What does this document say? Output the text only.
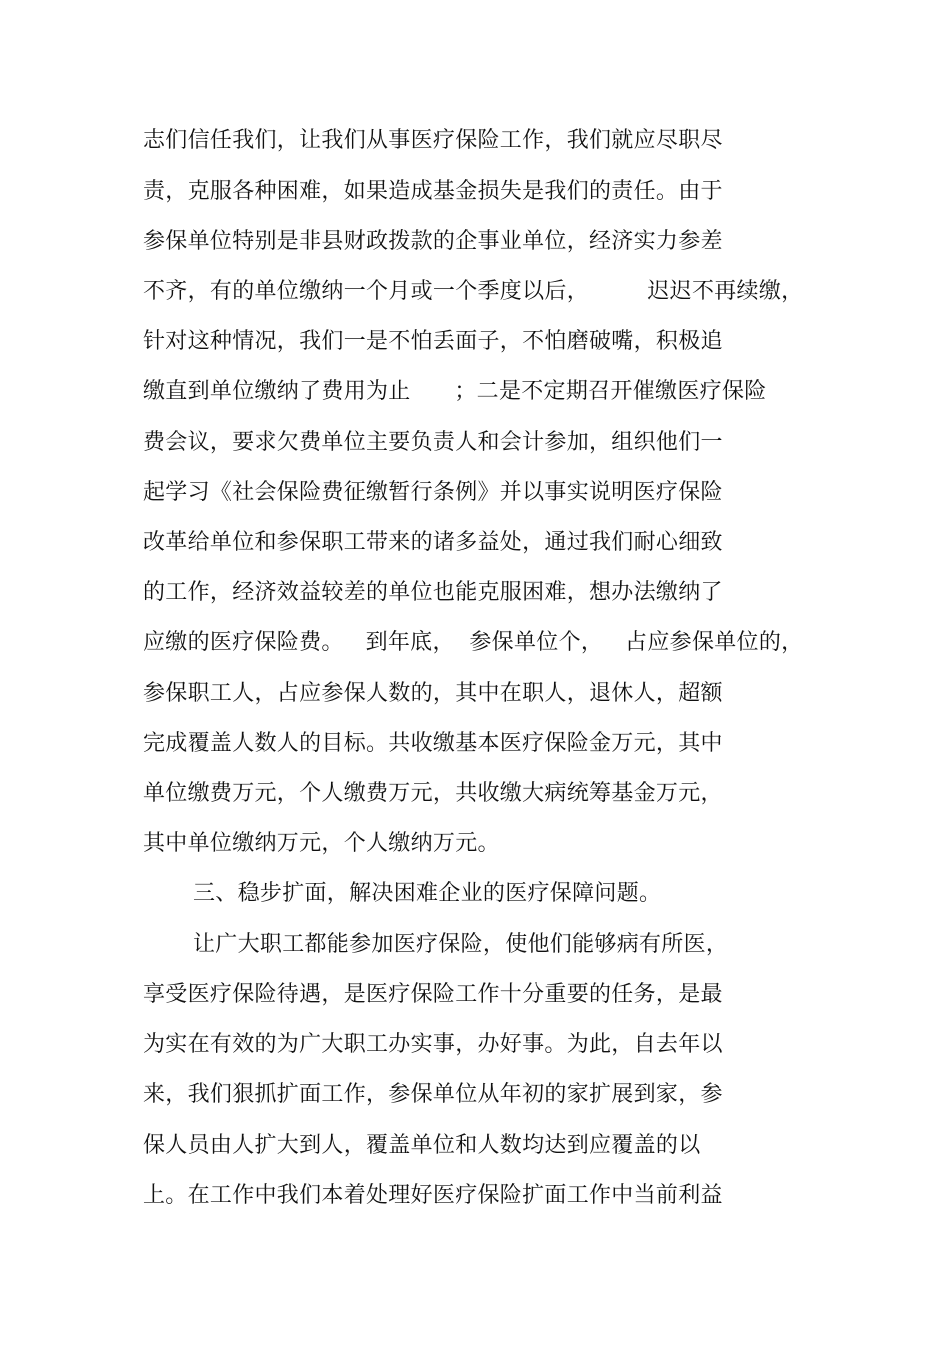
志们信任我们，让我们从事医疗保险工作，我们就应尽职尽
责，克服各种困难，如果造成基金损失是我们的责任。由于
参保单位特别是非县财政拨款的企事业单位，经济实力参差
不齐，有的单位缴纳一个月或一个季度以后，        迟迟不再续缴，
针对这种情况，我们一是不怕丢面子，不怕磨破嘴，积极追
缴直到单位缴纳了费用为止      ；二是不定期召开催缴医疗保险
费会议，要求欠费单位主要负责人和会计参加，组织他们一
起学习《社会保险费征缴暂行条例》并以事实说明医疗保险
改革给单位和参保职工带来的诸多益处，通过我们耐心细致
的工作，经济效益较差的单位也能克服困难，想办法缴纳了
应缴的医疗保险费。   到年底，  参保单位个，   占应参保单位的，
参保职工人，占应参保人数的，其中在职人，退休人，超额
完成覆盖人数人的目标。共收缴基本医疗保险金万元，其中
单位缴费万元，个人缴费万元，共收缴大病统筹基金万元，
其中单位缴纳万元，个人缴纳万元。
三、稳步扩面，解决困难企业的医疗保障问题。
让广大职工都能参加医疗保险，使他们能够病有所医，
享受医疗保险待遇，是医疗保险工作十分重要的任务，是最
为实在有效的为广大职工办实事，办好事。为此，自去年以
来，我们狠抓扩面工作，参保单位从年初的家扩展到家，参
保人员由人扩大到人，覆盖单位和人数均达到应覆盖的以
上。在工作中我们本着处理好医疗保险扩面工作中当前利益
